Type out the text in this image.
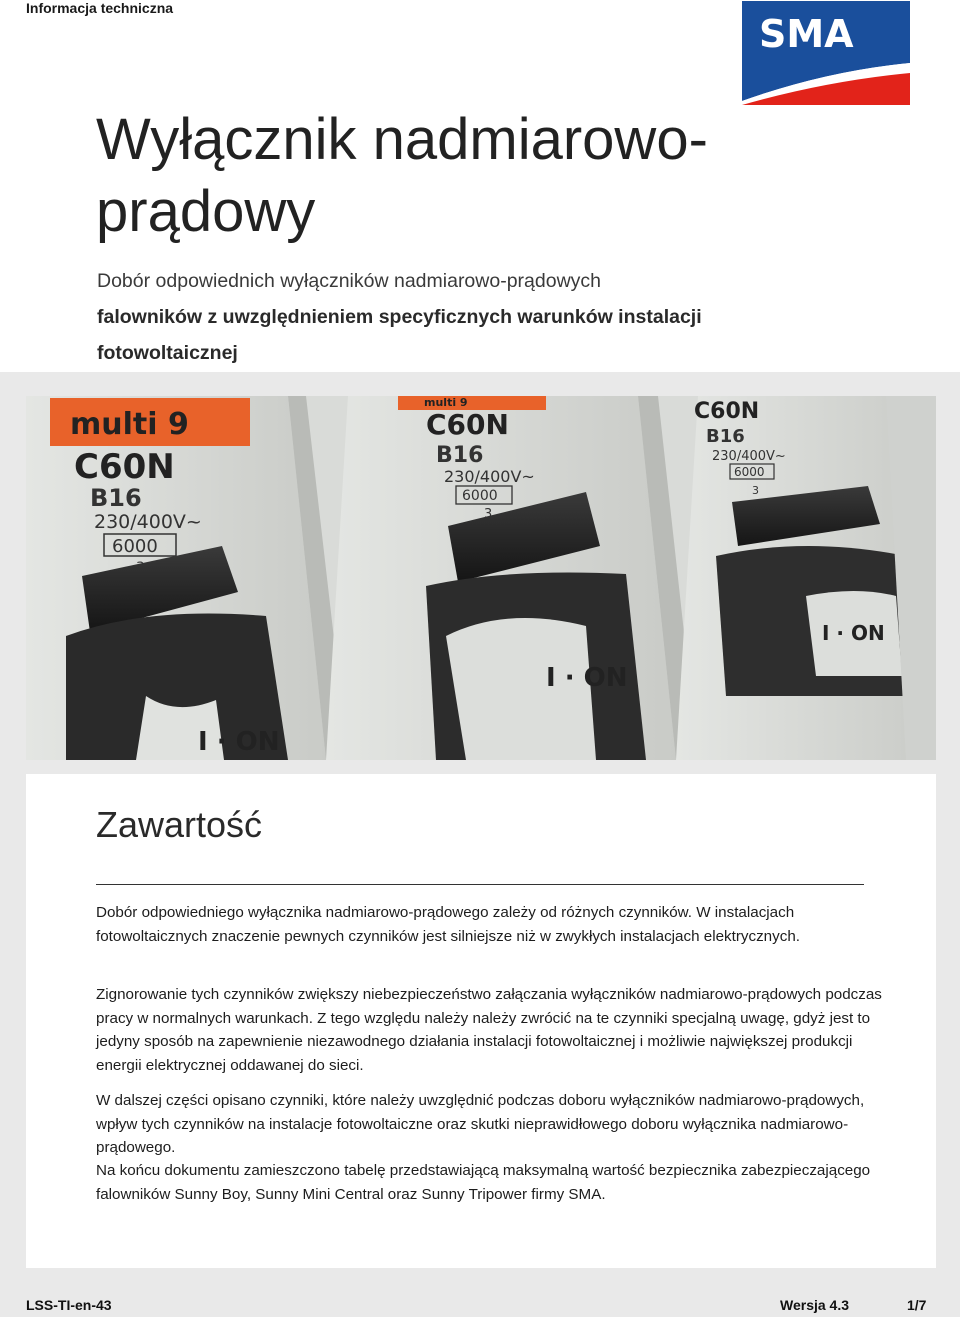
Informacja techniczna
SMA
Wyłącznik nadmiarowo-
prądowy
Dobór odpowiednich wyłączników nadmiarowo-prądowych
falowników z uwzględnieniem specyficznych warunków instalacji
fotowoltaicznej
multi 9
C60N
B16
230/400V~
6000
I · ON
multi 9
C60N
B16
230/400V~
6000
3
I · ON
C60N
B16
230/400V~
6000
3
I · ON
Zawartość

Dobór odpowiedniego wyłącznika nadmiarowo-prądowego zależy od różnych czynników. W instalacjach fotowoltaicznych znaczenie pewnych czynników jest silniejsze niż w zwykłych instalacjach elektrycznych.

Zignorowanie tych czynników zwiększy niebezpieczeństwo załączania wyłączników nadmiarowo-prądowych podczas pracy w normalnych warunkach. Z tego względu należy należy zwrócić na te czynniki specjalną uwagę, gdyż jest to jedyny sposób na zapewnienie niezawodnego działania instalacji fotowoltaicznej i możliwie największej produkcji energii elektrycznej oddawanej do sieci.

W dalszej części opisano czynniki, które należy uwzględnić podczas doboru wyłączników nadmiarowo-prądowych, wpływ tych czynników na instalacje fotowoltaiczne oraz skutki nieprawidłowego doboru wyłącznika nadmiarowo-prądowego.

Na końcu dokumentu zamieszczono tabelę przedstawiającą maksymalną wartość bezpiecznika zabezpieczającego falowników Sunny Boy, Sunny Mini Central oraz Sunny Tripower firmy SMA.

LSS-TI-en-43	Wersja 4.3	1/7
